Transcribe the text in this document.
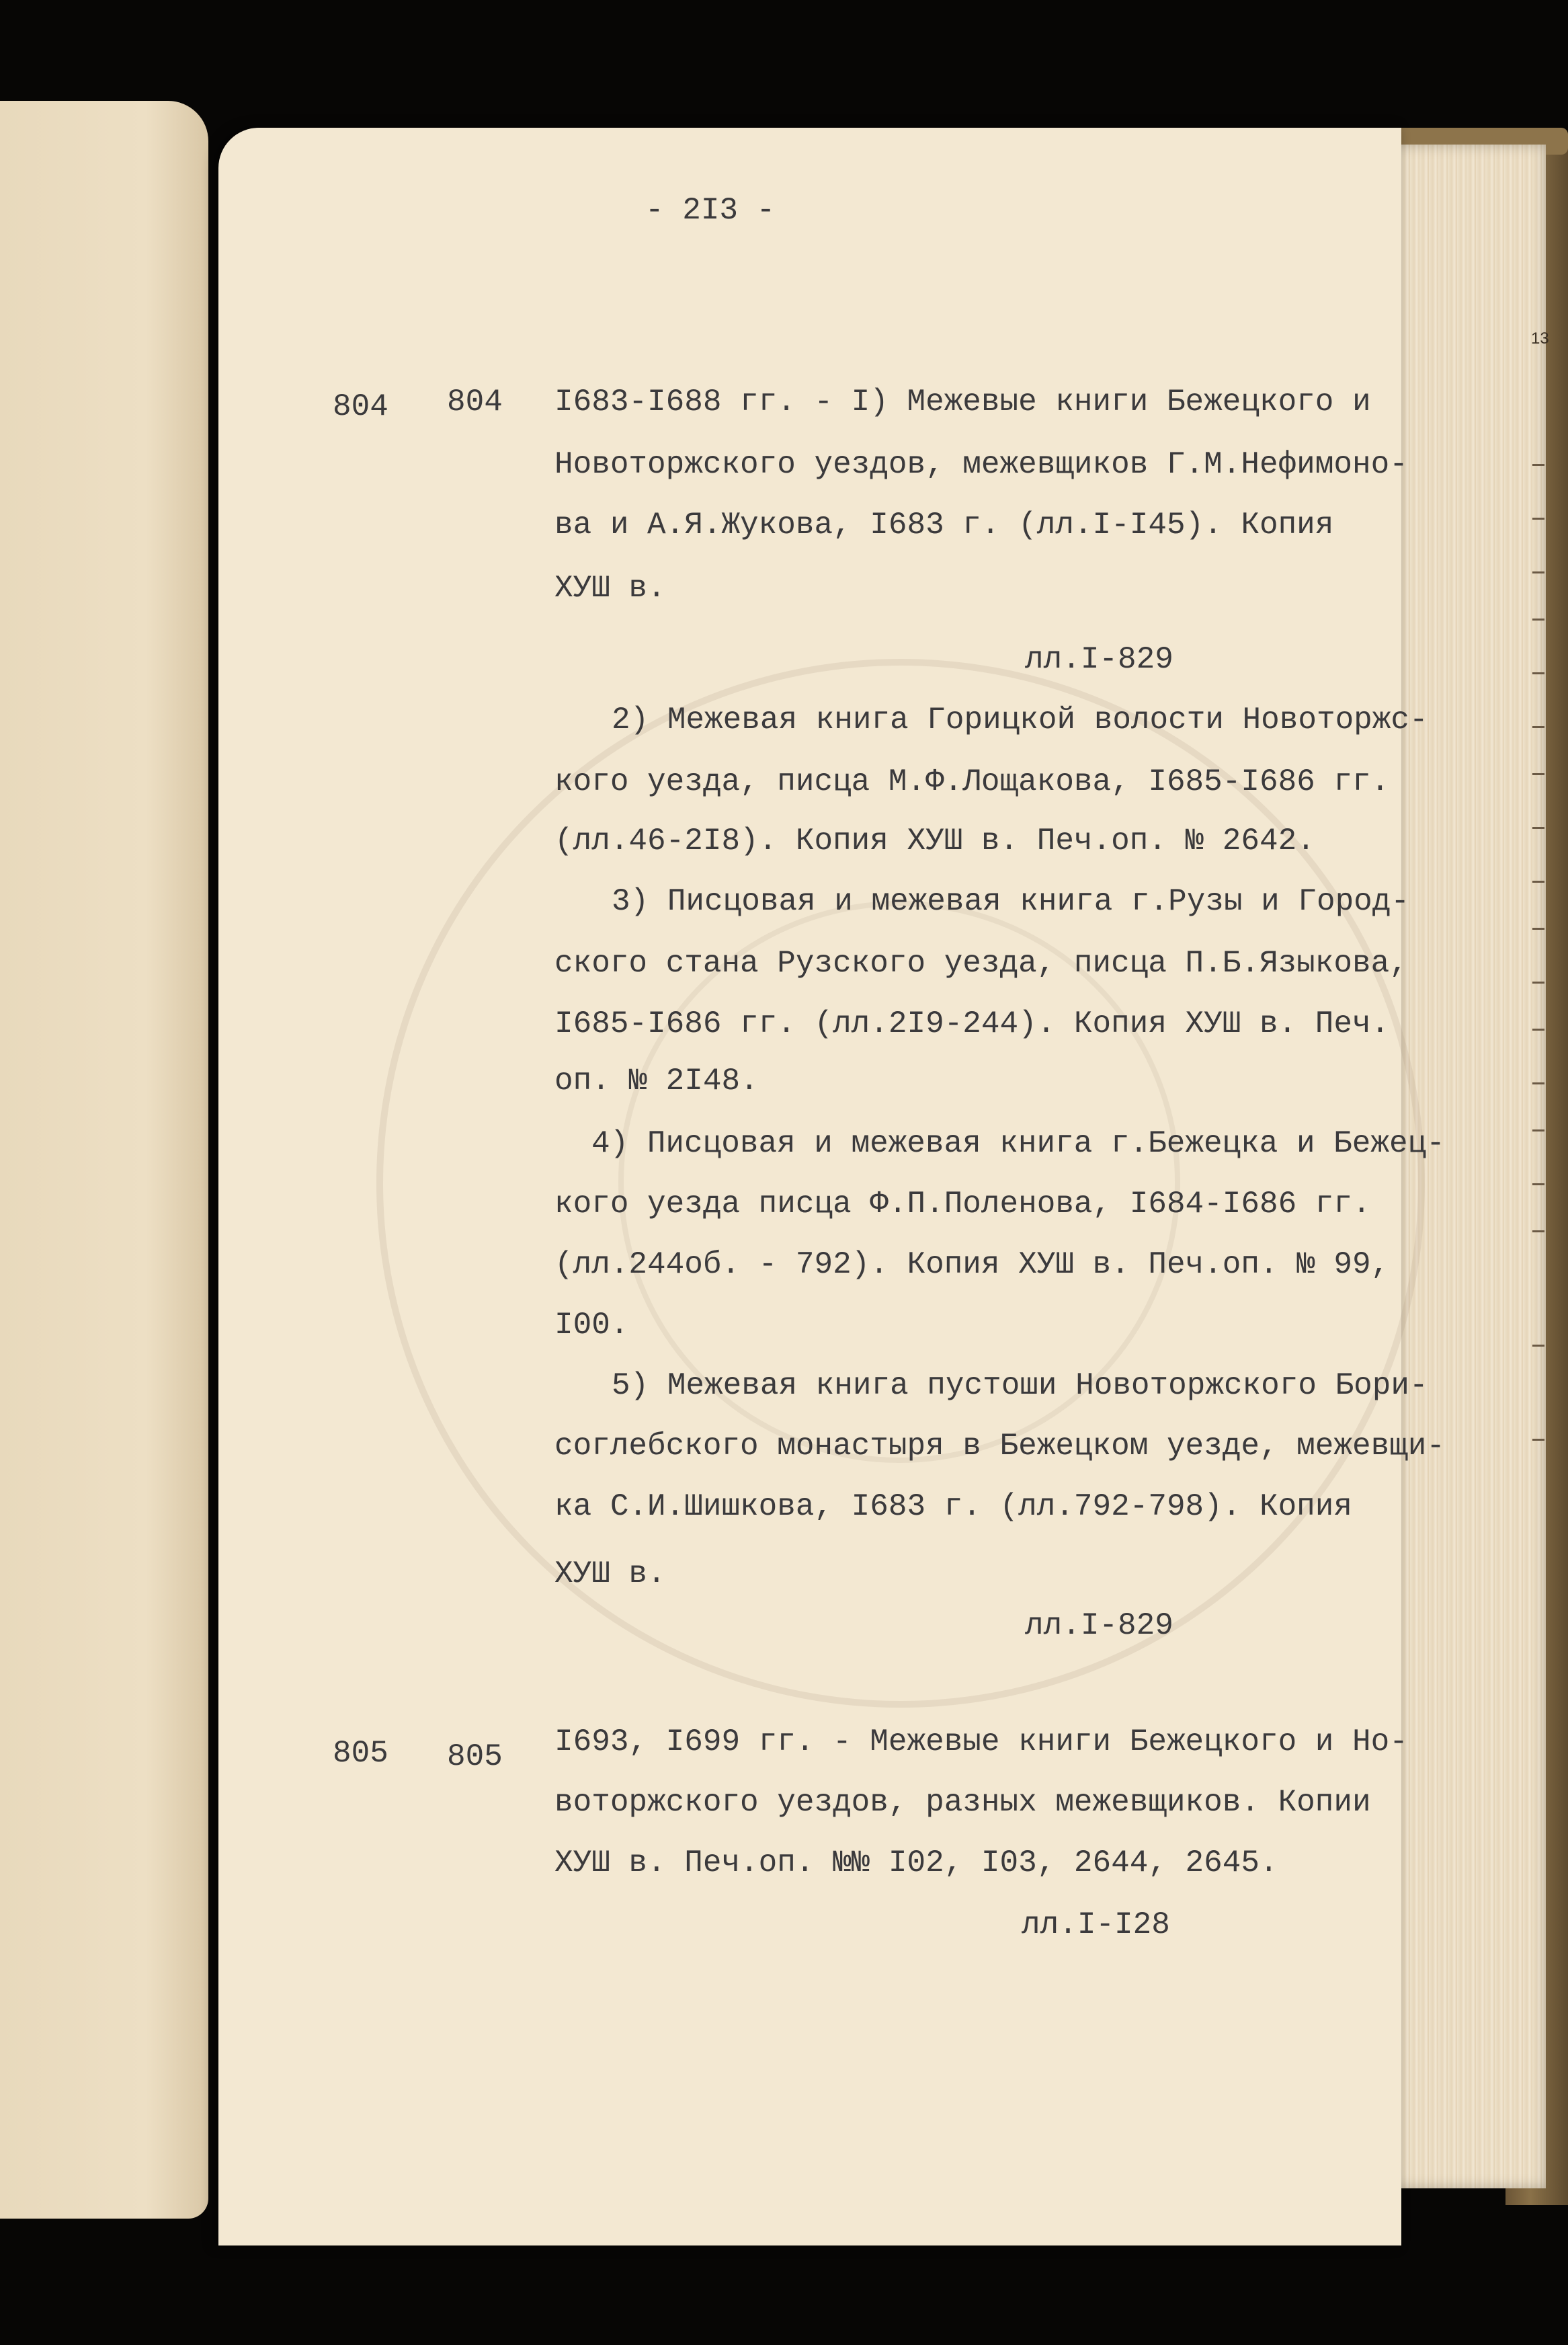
13
- 2I3 -
804 804 I683-I688 гг. - I) Межевые книги Бежецкого и
Новоторжского уездов, межевщиков Г.М.Нефимоно-
ва и А.Я.Жукова, I683 г. (лл.I-I45). Копия
ХУШ в.
лл.I-829
2) Межевая книга Горицкой волости Новоторжс-
кого уезда, писца М.Ф.Лощакова, I685-I686 гг.
(лл.46-2I8). Копия ХУШ в. Печ.оп. № 2642.
3) Писцовая и межевая книга г.Рузы и Город-
ского стана Рузского уезда, писца П.Б.Языкова,
I685-I686 гг. (лл.2I9-244). Копия ХУШ в. Печ.
оп. № 2I48.
4) Писцовая и межевая книга г.Бежецка и Бежец-
кого уезда писца Ф.П.Поленова, I684-I686 гг.
(лл.244об. - 792). Копия ХУШ в. Печ.оп. № 99,
I00.
5) Межевая книга пустоши Новоторжского Бори-
соглебского монастыря в Бежецком уезде, межевщи-
ка С.И.Шишкова, I683 г. (лл.792-798). Копия
ХУШ в.
лл.I-829
805 805 I693, I699 гг. - Межевые книги Бежецкого и Но-
воторжского уездов, разных межевщиков. Копии
ХУШ в. Печ.оп. №№ I02, I03, 2644, 2645.
лл.I-I28
